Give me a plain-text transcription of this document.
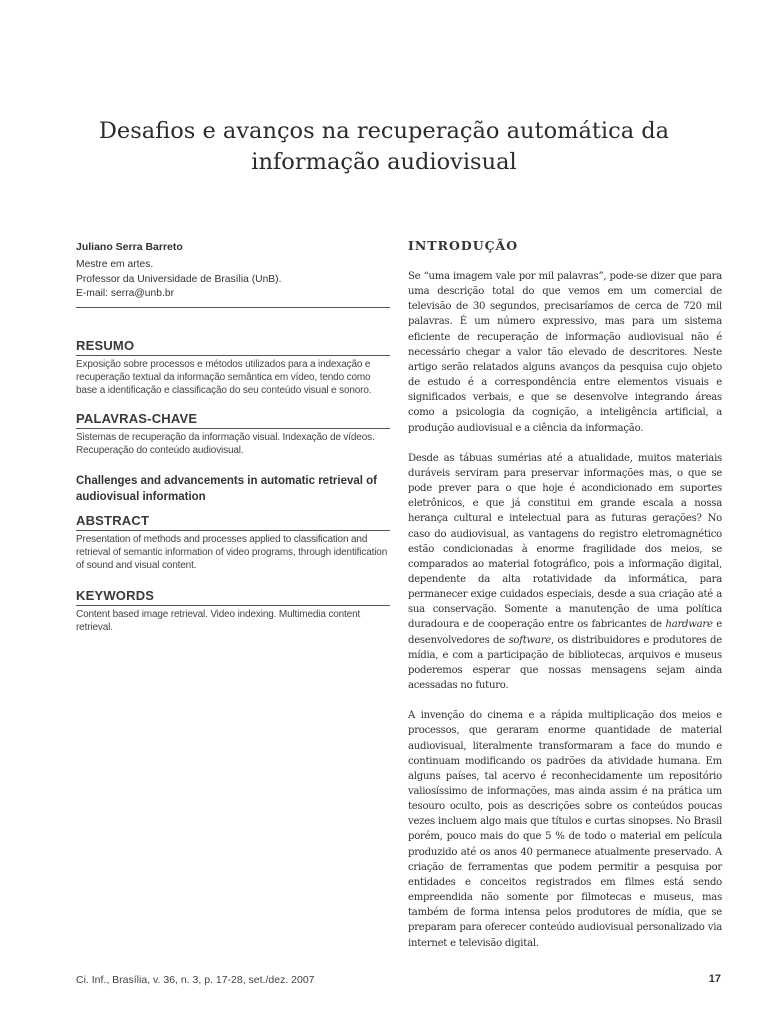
Desafios e avanços na recuperação automática da
informação audiovisual

Juliano Serra Barreto

Mestre em artes.

Professor da Universidade de Brasília (UnB).

E-mail: serra@unb.br

RESUMO

Exposição sobre processos e métodos utilizados para a indexação e recuperação textual da informação semântica em vídeo, tendo como base a identificação e classificação do seu conteúdo visual e sonoro.

PALAVRAS-CHAVE

Sistemas de recuperação da informação visual. Indexação de vídeos. Recuperação do conteúdo audiovisual.

Challenges and advancements in automatic retrieval of audiovisual information

ABSTRACT

Presentation of methods and processes applied to classification and retrieval of semantic information of video programs, through identification of sound and visual content.

KEYWORDS

Content based image retrieval. Video indexing. Multimedia content retrieval.

INTRODUÇÃO

Se “uma imagem vale por mil palavras”, pode-se dizer que para uma descrição total do que vemos em um comercial de televisão de 30 segundos, precisaríamos de cerca de 720 mil palavras. É um número expressivo, mas para um sistema eficiente de recuperação de informação audiovisual não é necessário chegar a valor tão elevado de descritores. Neste artigo serão relatados alguns avanços da pesquisa cujo objeto de estudo é a correspondência entre elementos visuais e significados verbais, e que se desenvolve integrando áreas como a psicologia da cognição, a inteligência artificial, a produção audiovisual e a ciência da informação.

Desde as tábuas sumérias até a atualidade, muitos materiais duráveis serviram para preservar informações mas, o que se pode prever para o que hoje é acondicionado em suportes eletrônicos, e que já constitui em grande escala a nossa herança cultural e intelectual para as futuras gerações? No caso do audiovisual, as vantagens do registro eletromagnético estão condicionadas à enorme fragilidade dos meios, se comparados ao material fotográfico, pois a informação digital, dependente da alta rotatividade da informática, para permanecer exige cuidados especiais, desde a sua criação até a sua conservação. Somente a manutenção de uma política duradoura e de cooperação entre os fabricantes de hardware e desenvolvedores de software, os distribuidores e produtores de mídia, e com a participação de bibliotecas, arquivos e museus poderemos esperar que nossas mensagens sejam ainda acessadas no futuro.

A invenção do cinema e a rápida multiplicação dos meios e processos, que geraram enorme quantidade de material audiovisual, literalmente transformaram a face do mundo e continuam modificando os padrões da atividade humana. Em alguns países, tal acervo é reconhecidamente um repositório valiosíssimo de informações, mas ainda assim é na prática um tesouro oculto, pois as descrições sobre os conteúdos poucas vezes incluem algo mais que títulos e curtas sinopses. No Brasil porém, pouco mais do que 5 % de todo o material em película produzido até os anos 40 permanece atualmente preservado. A criação de ferramentas que podem permitir a pesquisa por entidades e conceitos registrados em filmes está sendo empreendida não somente por filmotecas e museus, mas também de forma intensa pelos produtores de mídia, que se preparam para oferecer conteúdo audiovisual personalizado via internet e televisão digital.

Ci. Inf., Brasília, v. 36, n. 3, p. 17-28, set./dez. 2007	17
